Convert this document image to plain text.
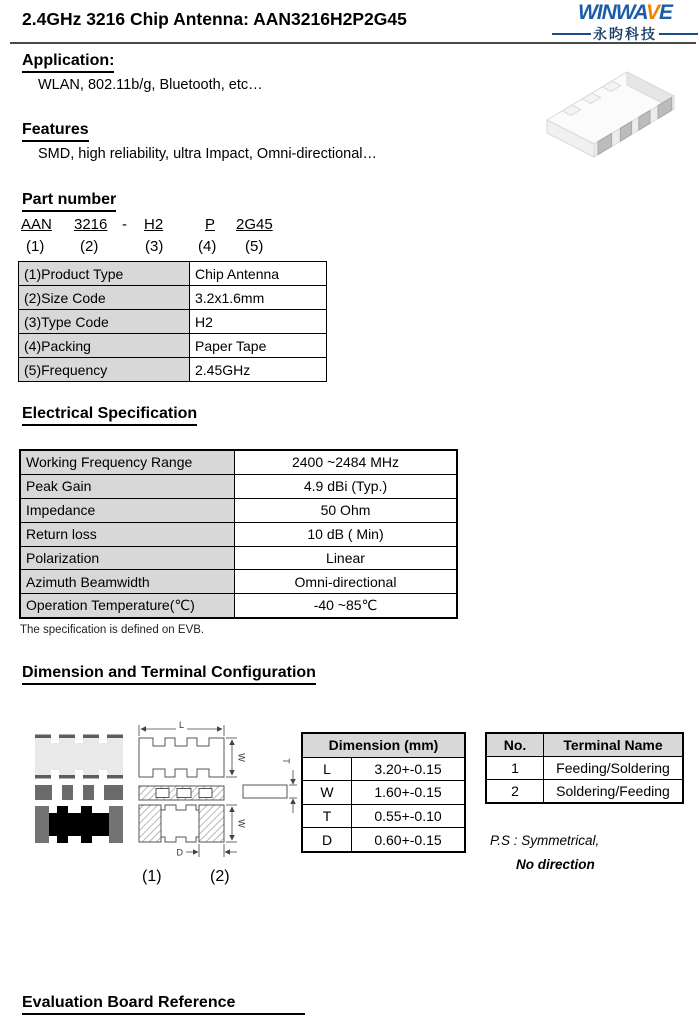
2.4GHz 3216 Chip Antenna: AAN3216H2P2G45	WINWAVE
永昀科技
Application:
WLAN, 802.11b/g, Bluetooth, etc…
Features
SMD, high reliability, ultra Impact, Omni-directional…
Part number
AAN 3216 - H2	P 2G45
(1) (2)	(3) (4) (5)
(1)Product Type	Chip Antenna
(2)Size Code	3.2x1.6mm
(3)Type Code	H2
(4)Packing	Paper Tape
(5)Frequency	2.45GHz
Electrical Specification
Working Frequency Range	2400 ~2484 MHz
Peak Gain	4.9 dBi (Typ.)
Impedance	50 Ohm
Return loss	10 dB ( Min)
Polarization	Linear
Azimuth Beamwidth	Omni-directional
Operation Temperature(℃)	-40 ~85℃
The specification is defined on EVB.
Dimension and Terminal Configuration
L
W
W
D
T
(1)	(2)
Dimension (mm)	
L	3.20+-0.15
W	1.60+-0.15
T	0.55+-0.10
D	0.60+-0.15
No.	Terminal Name
1	Feeding/Soldering
2	Soldering/Feeding
P.S : Symmetrical,
No direction
Evaluation Board Reference
